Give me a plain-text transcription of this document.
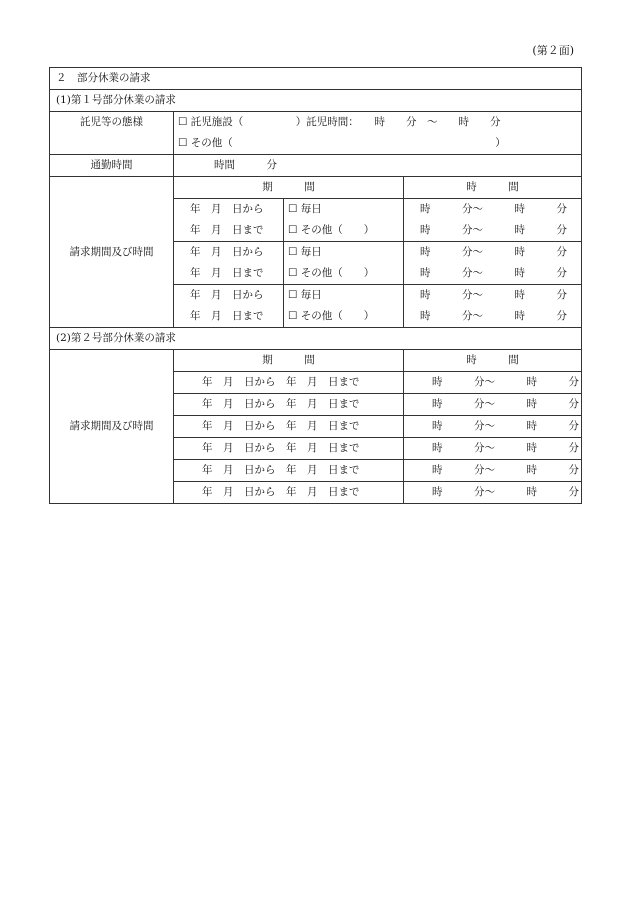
(第２面)
２　部分休業の請求			
(1)第１号部分休業の請求			
託児等の態様	☐ 託児施設（　　　　　）託児時間：　　時　　分　～　　時　　分		
	☐ その他（　　　　　　　　　　　　　　　　　　　　　　　　　）		
通勤時間	時間　　　分		
請求期間及び時間	期　　　間		時　　　間
	年　月　日から	☐ 毎日	時　　　分～　　　時　　　分
	年　月　日まで	☐ その他（　　）	時　　　分～　　　時　　　分
	年　月　日から	☐ 毎日	時　　　分～　　　時　　　分
	年　月　日まで	☐ その他（　　）	時　　　分～　　　時　　　分
	年　月　日から	☐ 毎日	時　　　分～　　　時　　　分
	年　月　日まで	☐ その他（　　）	時　　　分～　　　時　　　分
(2)第２号部分休業の請求			
請求期間及び時間	期　　　間		時　　　間
	年　月　日から　年　月　日まで		時　　　分～　　　時　　　分
	年　月　日から　年　月　日まで		時　　　分～　　　時　　　分
	年　月　日から　年　月　日まで		時　　　分～　　　時　　　分
	年　月　日から　年　月　日まで		時　　　分～　　　時　　　分
	年　月　日から　年　月　日まで		時　　　分～　　　時　　　分
	年　月　日から　年　月　日まで		時　　　分～　　　時　　　分
